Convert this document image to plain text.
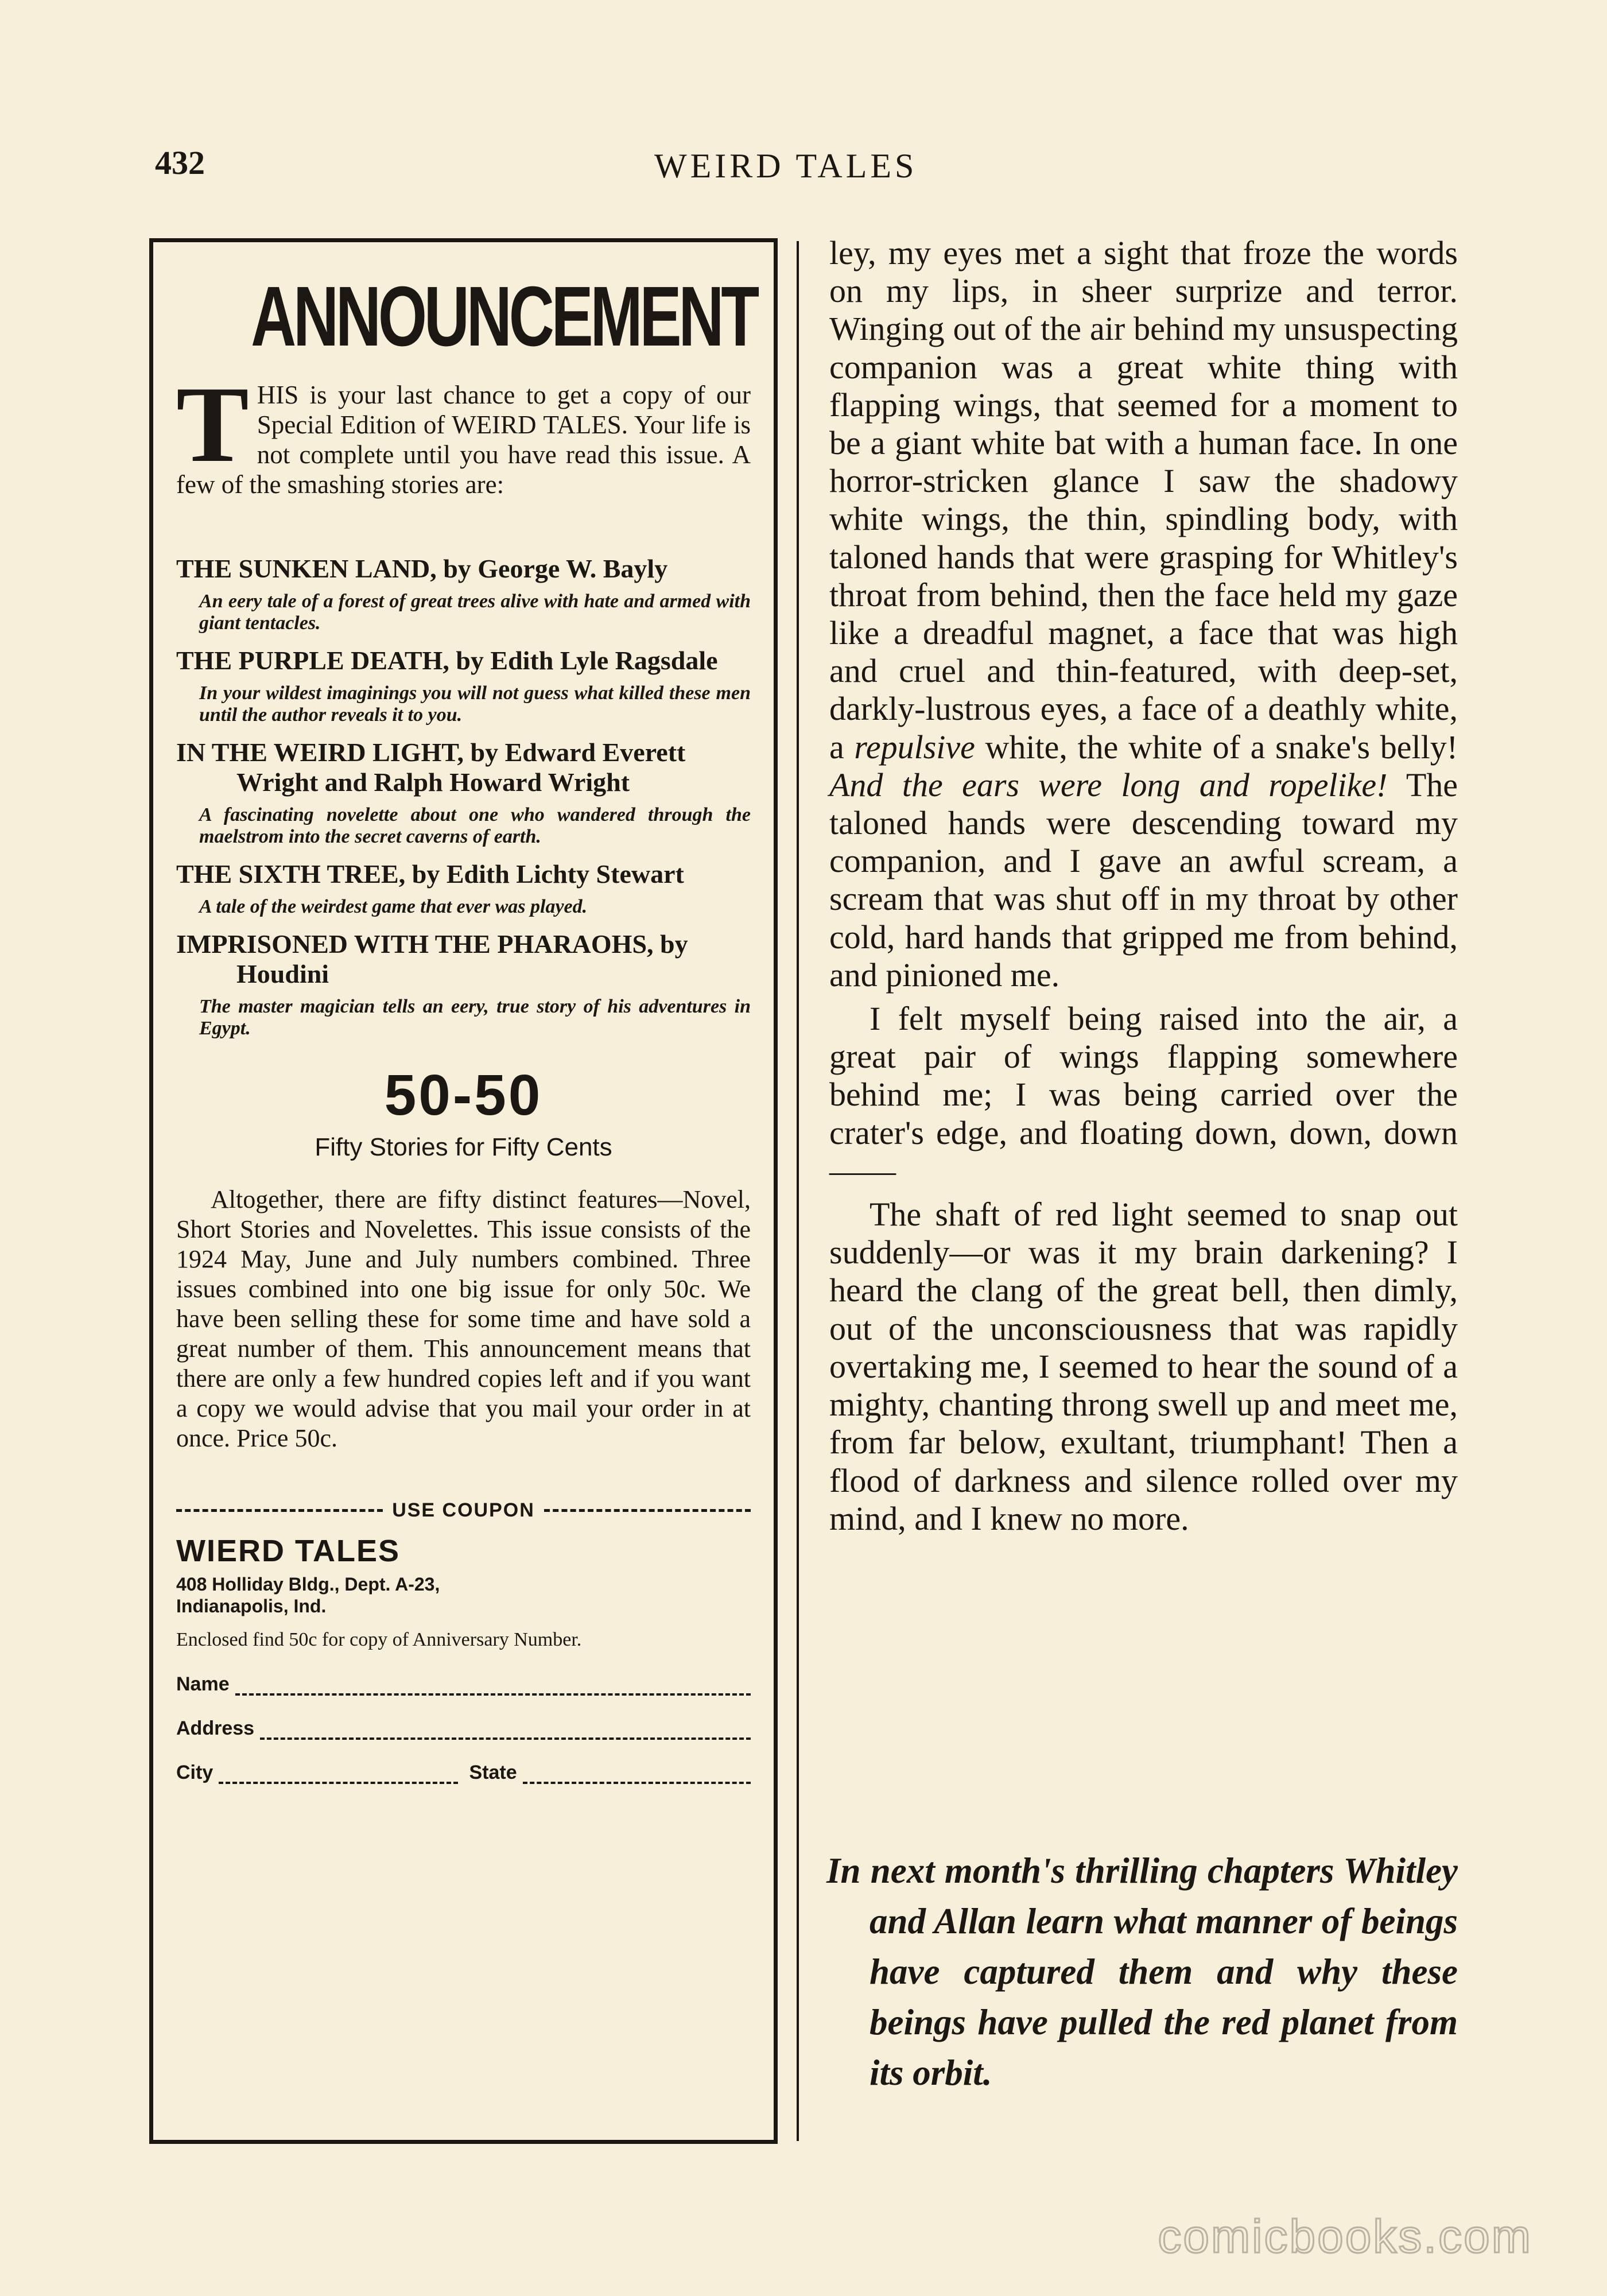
432	WEIRD TALES
ANNOUNCEMENT
T HIS is your last chance to get a copy of our Special Edition of WEIRD TALES. Your life is not complete until you have read this issue. A few of the smashing stories are:
THE SUNKEN LAND, by George W. Bayly
An eery tale of a forest of great trees alive with hate and armed with giant tentacles.
THE PURPLE DEATH, by Edith Lyle Ragsdale
In your wildest imaginings you will not guess what killed these men until the author reveals it to you.
IN THE WEIRD LIGHT, by Edward Everett Wright and Ralph Howard Wright
A fascinating novelette about one who wandered through the maelstrom into the secret caverns of earth.
THE SIXTH TREE, by Edith Lichty Stewart
A tale of the weirdest game that ever was played.
IMPRISONED WITH THE PHARAOHS, by Houdini
The master magician tells an eery, true story of his adventures in Egypt.
50-50
Fifty Stories for Fifty Cents
Altogether, there are fifty distinct features—Novel, Short Stories and Novelettes. This issue consists of the 1924 May, June and July numbers combined. Three issues combined into one big issue for only 50c. We have been selling these for some time and have sold a great number of them. This announcement means that there are only a few hundred copies left and if you want a copy we would advise that you mail your order in at once. Price 50c.
USE COUPON
WIERD TALES
408 Holliday Bldg., Dept. A-23,
Indianapolis, Ind.
Enclosed find 50c for copy of Anniversary Number.
Name
Address
City	State

ley, my eyes met a sight that froze the words on my lips, in sheer surprize and terror. Winging out of the air behind my unsuspecting companion was a great white thing with flapping wings, that seemed for a moment to be a giant white bat with a human face. In one horror-stricken glance I saw the shadowy white wings, the thin, spindling body, with taloned hands that were grasping for Whitley's throat from behind, then the face held my gaze like a dreadful magnet, a face that was high and cruel and thin-featured, with deep-set, darkly-lustrous eyes, a face of a deathly white, a repulsive white, the white of a snake's belly! And the ears were long and ropelike! The taloned hands were descending toward my companion, and I gave an awful scream, a scream that was shut off in my throat by other cold, hard hands that gripped me from behind, and pinioned me.

I felt myself being raised into the air, a great pair of wings flapping somewhere behind me; I was being carried over the crater's edge, and floating down, down, down——

The shaft of red light seemed to snap out suddenly—or was it my brain darkening? I heard the clang of the great bell, then dimly, out of the unconsciousness that was rapidly overtaking me, I seemed to hear the sound of a mighty, chanting throng swell up and meet me, from far below, exultant, triumphant! Then a flood of darkness and silence rolled over my mind, and I knew no more.

In next month's thrilling chapters Whitley and Allan learn what manner of beings have captured them and why these beings have pulled the red planet from its orbit.
comicbooks.com
